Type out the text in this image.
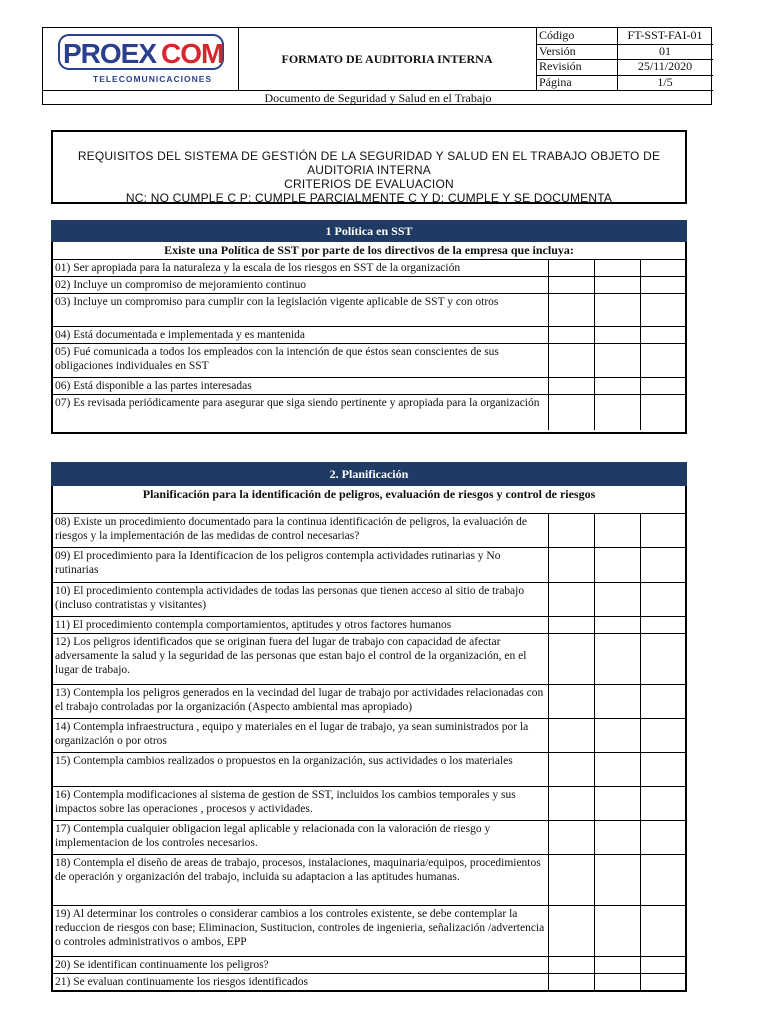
PROEX COM
TELECOMUNICACIONES
FORMATO DE AUDITORIA INTERNA
Código	FT-SST-FAI-01
Versión	01
Revisión	25/11/2020
Página	1/5
Documento de Seguridad y Salud en el Trabajo
REQUISITOS DEL SISTEMA DE GESTIÓN DE LA SEGURIDAD Y SALUD EN EL TRABAJO OBJETO DE
AUDITORIA INTERNA
CRITERIOS DE EVALUACION
NC: NO CUMPLE C P: CUMPLE PARCIALMENTE C Y D: CUMPLE Y SE DOCUMENTA
1 Política en SST
Existe una Política de SST por parte de los directivos de la empresa que incluya:
01) Ser apropiada para la naturaleza y la escala de los riesgos en SST de la organización
02) Incluye un compromiso de mejoramiento continuo
03) Incluye un compromiso para cumplir con la legislación vigente aplicable de SST y con otros
04) Está documentada e implementada y es mantenida
05) Fué comunicada a todos los empleados con la intención de que éstos sean conscientes de sus obligaciones individuales en SST
06) Está disponible a las partes interesadas
07) Es revisada periódicamente para asegurar que siga siendo pertinente y apropiada para la organización
2. Planificación
Planificación para la identificación de peligros, evaluación de riesgos y control de riesgos
08) Existe un procedimiento documentado para la continua identificación de peligros, la evaluación de riesgos y la implementación de las medidas de control necesarias?
09) El procedimiento para la Identificacion de los peligros contempla actividades rutinarias y No rutinarias
10) El procedimiento contempla actividades de todas las personas que tienen acceso al sitio de trabajo (incluso contratistas y visitantes)
11) El procedimiento contempla comportamientos, aptitudes y otros factores humanos
12) Los peligros identificados que se originan fuera del lugar de trabajo con capacidad de afectar adversamente la salud y la seguridad de las personas que estan bajo el control de la organización, en el lugar de trabajo.
13) Contempla los peligros generados en la vecindad del lugar de trabajo por actividades relacionadas con el trabajo controladas por la organización (Aspecto ambiental mas apropiado)
14) Contempla infraestructura , equipo y materiales en el lugar de trabajo, ya sean suministrados por la organización o por otros
15) Contempla cambios realizados o propuestos en la organización, sus actividades o los materiales
16) Contempla modificaciones al sistema de gestion de SST, incluidos los cambios temporales y sus impactos sobre las operaciones , procesos y actividades.
17) Contempla cualquier obligacion legal aplicable y relacionada con la valoración de riesgo y implementacion de los controles necesarios.
18) Contempla el diseño de areas de trabajo, procesos, instalaciones, maquinaria/equipos, procedimientos de operación y organización del trabajo, incluida su adaptacion a las aptitudes humanas.
19) Al determinar los controles o considerar cambios a los controles existente, se debe contemplar la reduccion de riesgos con base; Eliminacion, Sustitucion, controles de ingenieria, señalización /advertencia o controles administrativos o ambos, EPP
20) Se identifican continuamente los peligros?
21) Se evaluan continuamente los riesgos identificados
